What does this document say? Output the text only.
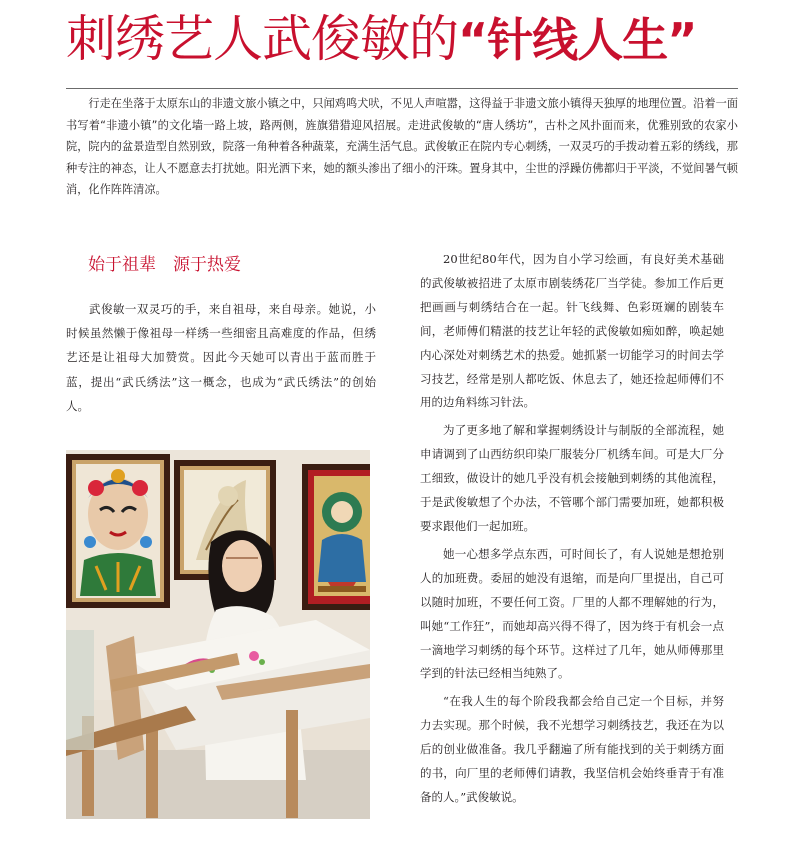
刺绣艺人武俊敏的“针线人生”
行走在坐落于太原东山的非遗文旅小镇之中，只闻鸡鸣犬吠，不见人声喧嚣，这得益于非遗文旅小镇得天独厚的地理位置。沿着一面书写着“非遗小镇”的文化墙一路上坡，路两侧，旌旗猎猎迎风招展。走进武俊敏的“唐人绣坊”，古朴之风扑面而来，优雅别致的农家小院，院内的盆景造型自然别致，院落一角种着各种蔬菜，充满生活气息。武俊敏正在院内专心刺绣，一双灵巧的手拨动着五彩的绣线，那种专注的神态，让人不愿意去打扰她。阳光洒下来，她的额头渗出了细小的汗珠。置身其中，尘世的浮躁仿佛都归于平淡，不觉间暑气顿消，化作阵阵清凉。
始于祖辈　源于热爱
武俊敏一双灵巧的手，来自祖母，来自母亲。她说，小时候虽然懒于像祖母一样绣一些细密且高难度的作品，但绣艺还是让祖母大加赞赏。因此今天她可以青出于蓝而胜于蓝，提出“武氏绣法”这一概念，也成为“武氏绣法”的创始人。

20世纪80年代，因为自小学习绘画，有良好美术基础的武俊敏被招进了太原市剧装绣花厂当学徒。参加工作后更把画画与刺绣结合在一起。针飞线舞、色彩斑斓的剧装车间，老师傅们精湛的技艺让年轻的武俊敏如痴如醉，唤起她内心深处对刺绣艺术的热爱。她抓紧一切能学习的时间去学习技艺，经常是别人都吃饭、休息去了，她还捡起师傅们不用的边角料练习针法。

为了更多地了解和掌握刺绣设计与制版的全部流程，她申请调到了山西纺织印染厂服装分厂机绣车间。可是大厂分工细致，做设计的她几乎没有机会接触到刺绣的其他流程，于是武俊敏想了个办法，不管哪个部门需要加班，她都积极要求跟他们一起加班。

她一心想多学点东西，可时间长了，有人说她是想抢别人的加班费。委屈的她没有退缩，而是向厂里提出，自己可以随时加班，不要任何工资。厂里的人都不理解她的行为，叫她“工作狂”，而她却高兴得不得了，因为终于有机会一点一滴地学习刺绣的每个环节。这样过了几年，她从师傅那里学到的针法已经相当纯熟了。

“在我人生的每个阶段我都会给自己定一个目标，并努力去实现。那个时候，我不光想学习刺绣技艺，我还在为以后的创业做准备。我几乎翻遍了所有能找到的关于刺绣方面的书，向厂里的老师傅们请教，我坚信机会始终垂青于有准备的人。”武俊敏说。
